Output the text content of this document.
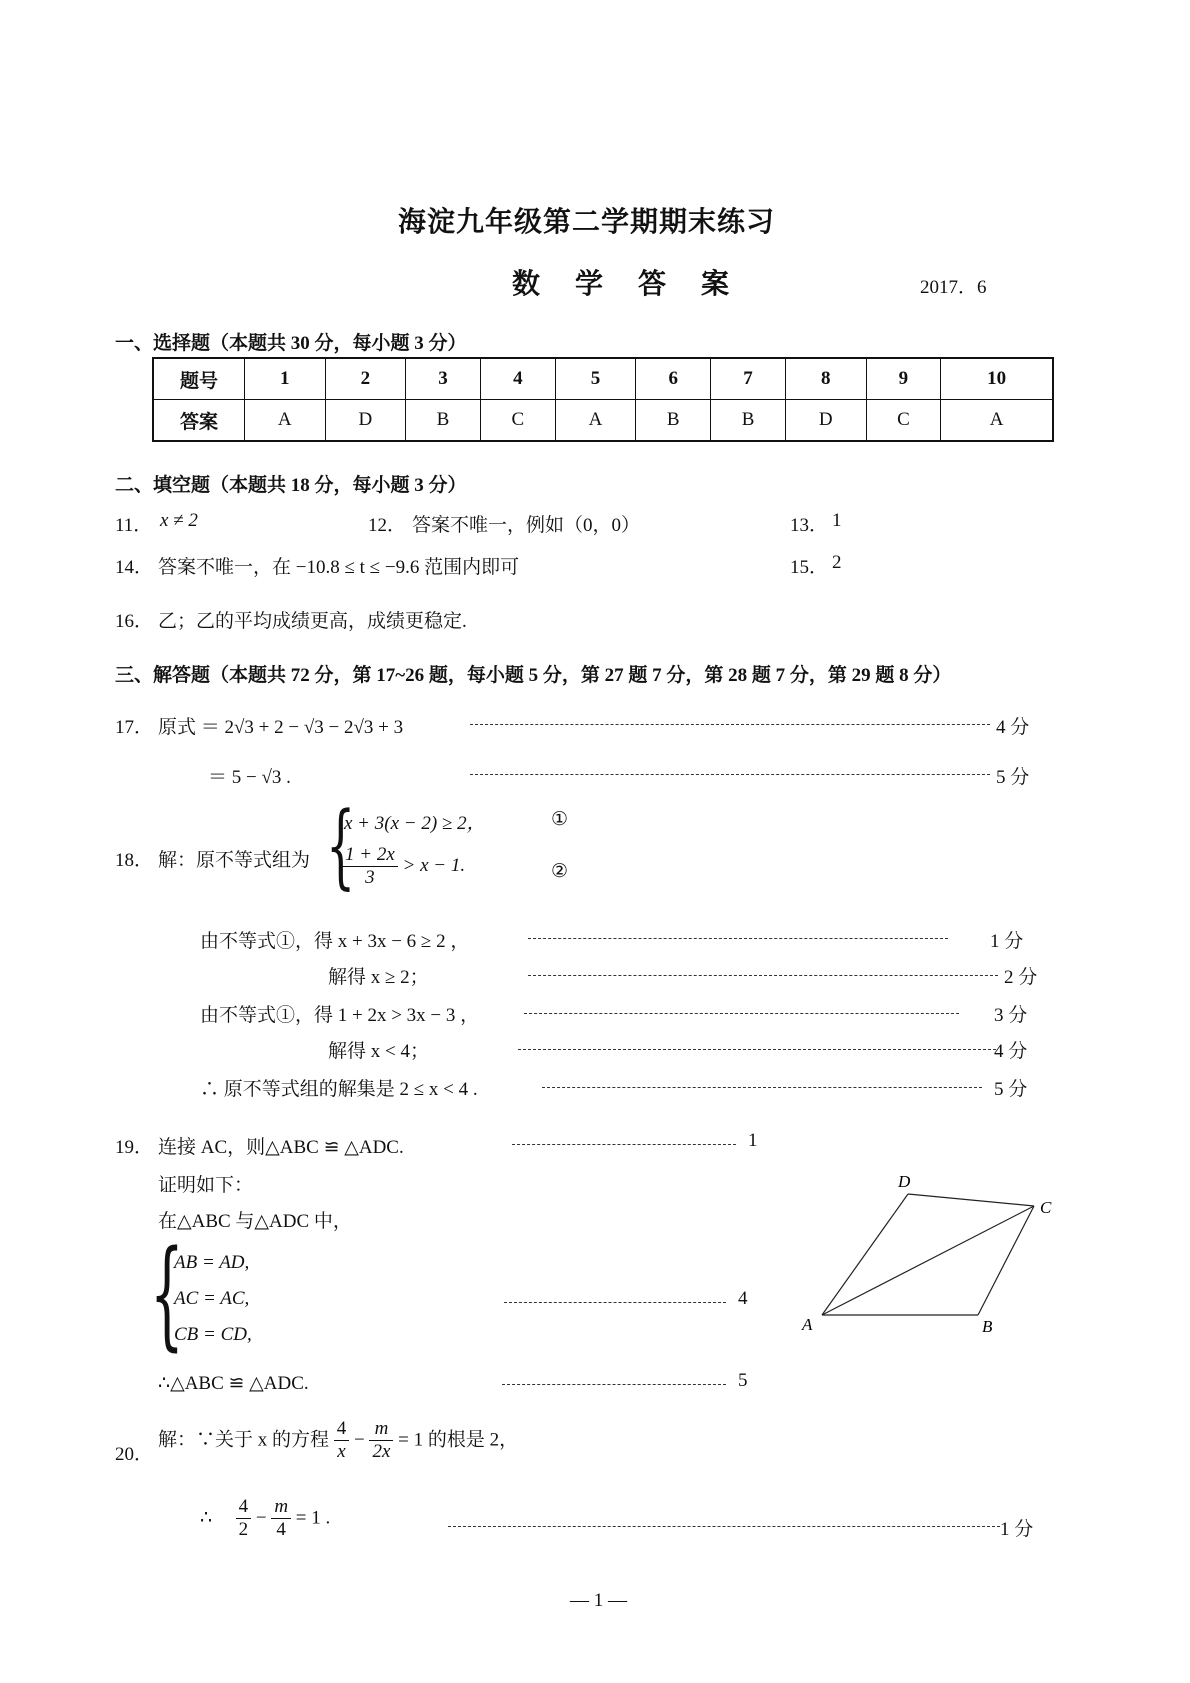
海淀九年级第二学期期末练习
数 学 答 案	2017．6
一、选择题（本题共 30 分，每小题 3 分）
题号	1	2	3	4	5	6	7	8	9	10
答案	A	D	B	C	A	B	B	D	C	A
二、填空题（本题共 18 分，每小题 3 分）
11． x ≠ 2	12． 答案不唯一，例如（0，0）	13． 1
14． 答案不唯一，在 −10.8 ≤ t ≤ −9.6 范围内即可	15． 2
16． 乙；乙的平均成绩更高，成绩更稳定.
三、解答题（本题共 72 分，第 17~26 题，每小题 5 分，第 27 题 7 分，第 28 题 7 分，第 29 题 8 分）
17． 原式 ＝ 2√3 + 2 − √3 − 2√3 + 3	4 分
＝ 5 − √3 .	5 分
18． 解：原不等式组为 {
x + 3(x − 2) ≥ 2，	①
$\frac{1 + 2x}{3} > x - 1$.	②
由不等式①，得 x + 3x − 6 ≥ 2 ，	1 分
解得 x ≥ 2；	2 分
由不等式①，得 1 + 2x > 3x − 3 ，	3 分
解得 x < 4；	4 分
∴ 原不等式组的解集是 2 ≤ x < 4 .	5 分
19． 连接 AC，则△ABC ≌ △ADC.	1
证明如下：
在△ABC 与△ADC 中，
{
AB = AD,
AC = AC,
CB = CD,
4
∴△ABC ≌ △ADC.	5
A	B
C
D
20．
解：∵关于 x 的方程 $\frac{4}{x} - \frac{m}{2x} = 1$ 的根是 2，
∴ $\frac{4}{2} - \frac{m}{4} = 1$ .
1 分
— 1 —
